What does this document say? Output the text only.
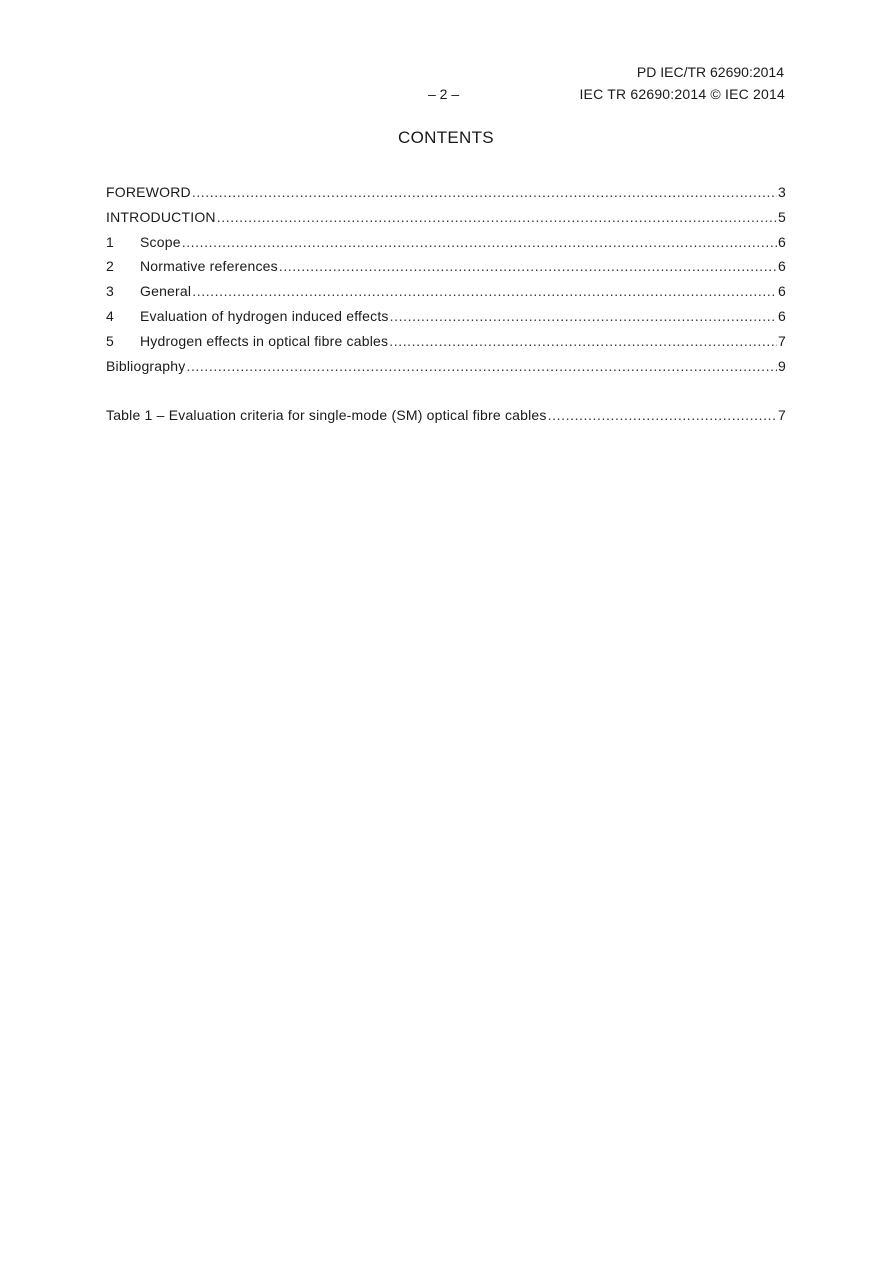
PD IEC/TR 62690:2014
– 2 –	IEC TR 62690:2014 © IEC 2014
CONTENTS
FOREWORD .....	3
INTRODUCTION .....	5
1	Scope .....	6
2	Normative references .....	6
3	General .....	6
4	Evaluation of hydrogen induced effects .....	6
5	Hydrogen effects in optical fibre cables .....	7
Bibliography .....	9
Table 1 – Evaluation criteria for single-mode (SM) optical fibre cables .....	7
